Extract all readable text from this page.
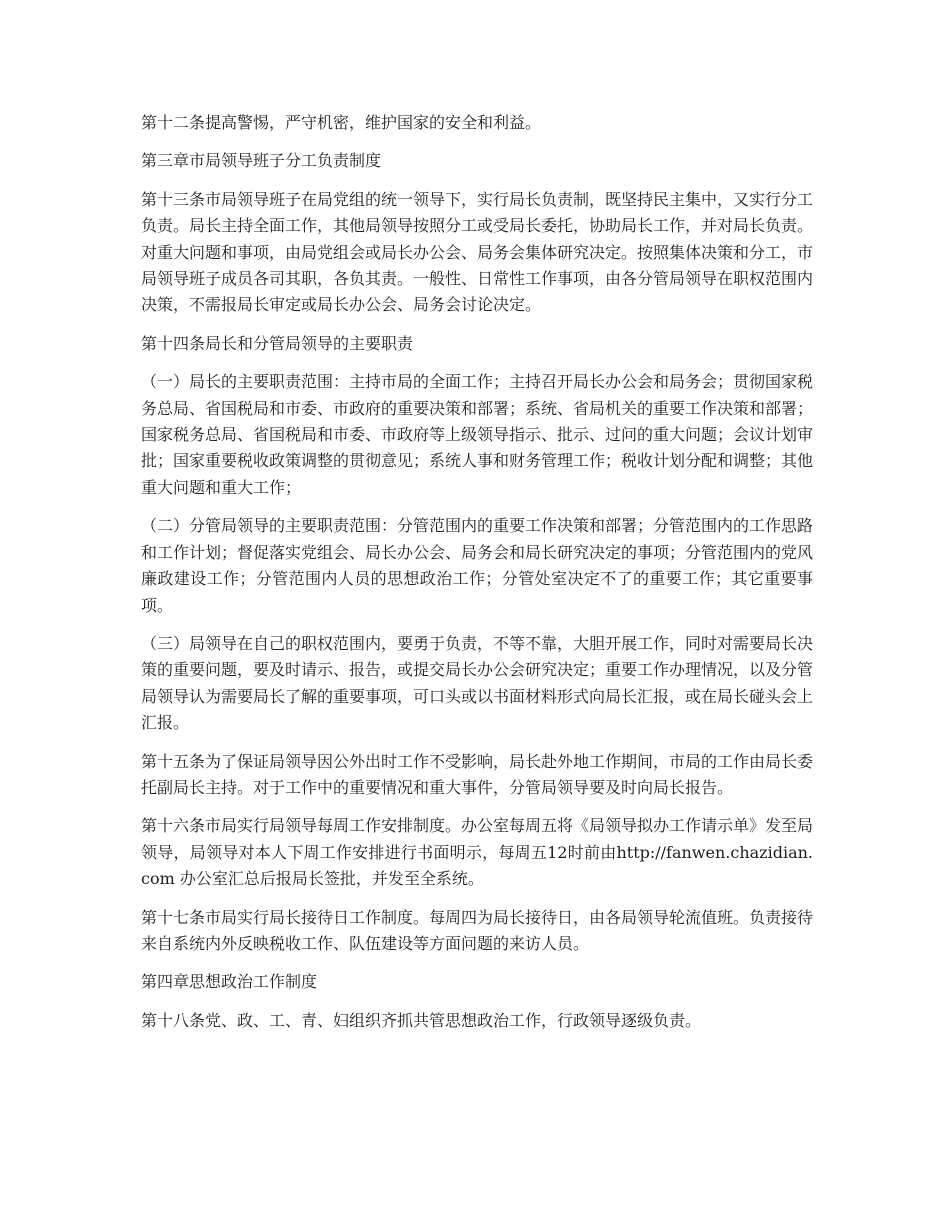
第十二条提高警惕，严守机密，维护国家的安全和利益。

第三章市局领导班子分工负责制度

第十三条市局领导班子在局党组的统一领导下，实行局长负责制，既坚持民主集中，又实行分工负责。局长主持全面工作，其他局领导按照分工或受局长委托，协助局长工作，并对局长负责。对重大问题和事项，由局党组会或局长办公会、局务会集体研究决定。按照集体决策和分工，市局领导班子成员各司其职，各负其责。一般性、日常性工作事项，由各分管局领导在职权范围内决策，不需报局长审定或局长办公会、局务会讨论决定。

第十四条局长和分管局领导的主要职责

（一）局长的主要职责范围：主持市局的全面工作；主持召开局长办公会和局务会；贯彻国家税务总局、省国税局和市委、市政府的重要决策和部署；系统、省局机关的重要工作决策和部署；国家税务总局、省国税局和市委、市政府等上级领导指示、批示、过问的重大问题；会议计划审批；国家重要税收政策调整的贯彻意见；系统人事和财务管理工作；税收计划分配和调整；其他重大问题和重大工作；

（二）分管局领导的主要职责范围：分管范围内的重要工作决策和部署；分管范围内的工作思路和工作计划；督促落实党组会、局长办公会、局务会和局长研究决定的事项；分管范围内的党风廉政建设工作；分管范围内人员的思想政治工作；分管处室决定不了的重要工作；其它重要事项。

（三）局领导在自己的职权范围内，要勇于负责，不等不靠，大胆开展工作，同时对需要局长决策的重要问题，要及时请示、报告，或提交局长办公会研究决定；重要工作办理情况，以及分管局领导认为需要局长了解的重要事项，可口头或以书面材料形式向局长汇报，或在局长碰头会上汇报。

第十五条为了保证局领导因公外出时工作不受影响，局长赴外地工作期间，市局的工作由局长委托副局长主持。对于工作中的重要情况和重大事件，分管局领导要及时向局长报告。

第十六条市局实行局领导每周工作安排制度。办公室每周五将《局领导拟办工作请示单》发至局领导，局领导对本人下周工作安排进行书面明示，每周五12时前由http://fanwen.chazidian.com 办公室汇总后报局长签批，并发至全系统。

第十七条市局实行局长接待日工作制度。每周四为局长接待日，由各局领导轮流值班。负责接待来自系统内外反映税收工作、队伍建设等方面问题的来访人员。

第四章思想政治工作制度

第十八条党、政、工、青、妇组织齐抓共管思想政治工作，行政领导逐级负责。
